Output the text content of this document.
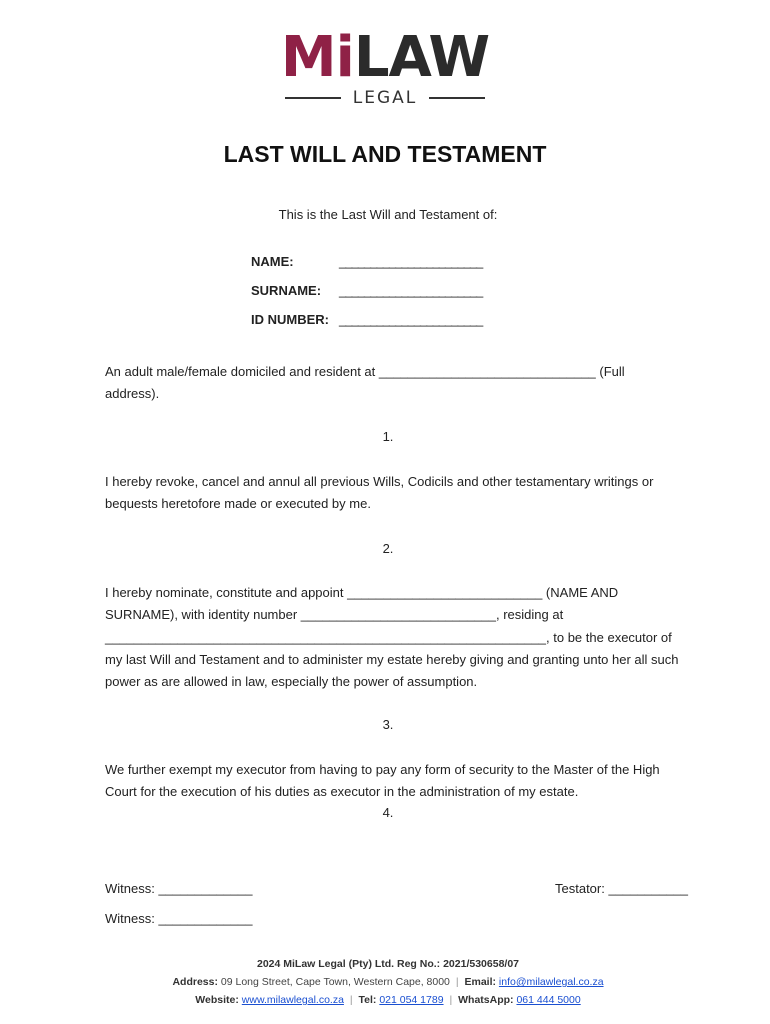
MiLAW
LEGAL
LAST WILL AND TESTAMENT
This is the Last Will and Testament of:
NAME:	_______________________
SURNAME:	_______________________
ID NUMBER: _______________________
An adult male/female domiciled and resident at ______________________________ (Full address).
1.
I hereby revoke, cancel and annul all previous Wills, Codicils and other testamentary writings or bequests heretofore made or executed by me.
2.
I hereby nominate, constitute and appoint ___________________________ (NAME AND SURNAME), with identity number ___________________________, residing at _____________________________________________________________, to be the executor of my last Will and Testament and to administer my estate hereby giving and granting unto her all such power as are allowed in law, especially the power of assumption.
3.
We further exempt my executor from having to pay any form of security to the Master of the High Court for the execution of his duties as executor in the administration of my estate.
4.
Witness: _____________	Testator: ___________
Witness: _____________
2024 MiLaw Legal (Pty) Ltd. Reg No.: 2021/530658/07
Address: 09 Long Street, Cape Town, Western Cape, 8000 | Email: info@milawlegal.co.za
Website: www.milawlegal.co.za | Tel: 021 054 1789 | WhatsApp: 061 444 5000
